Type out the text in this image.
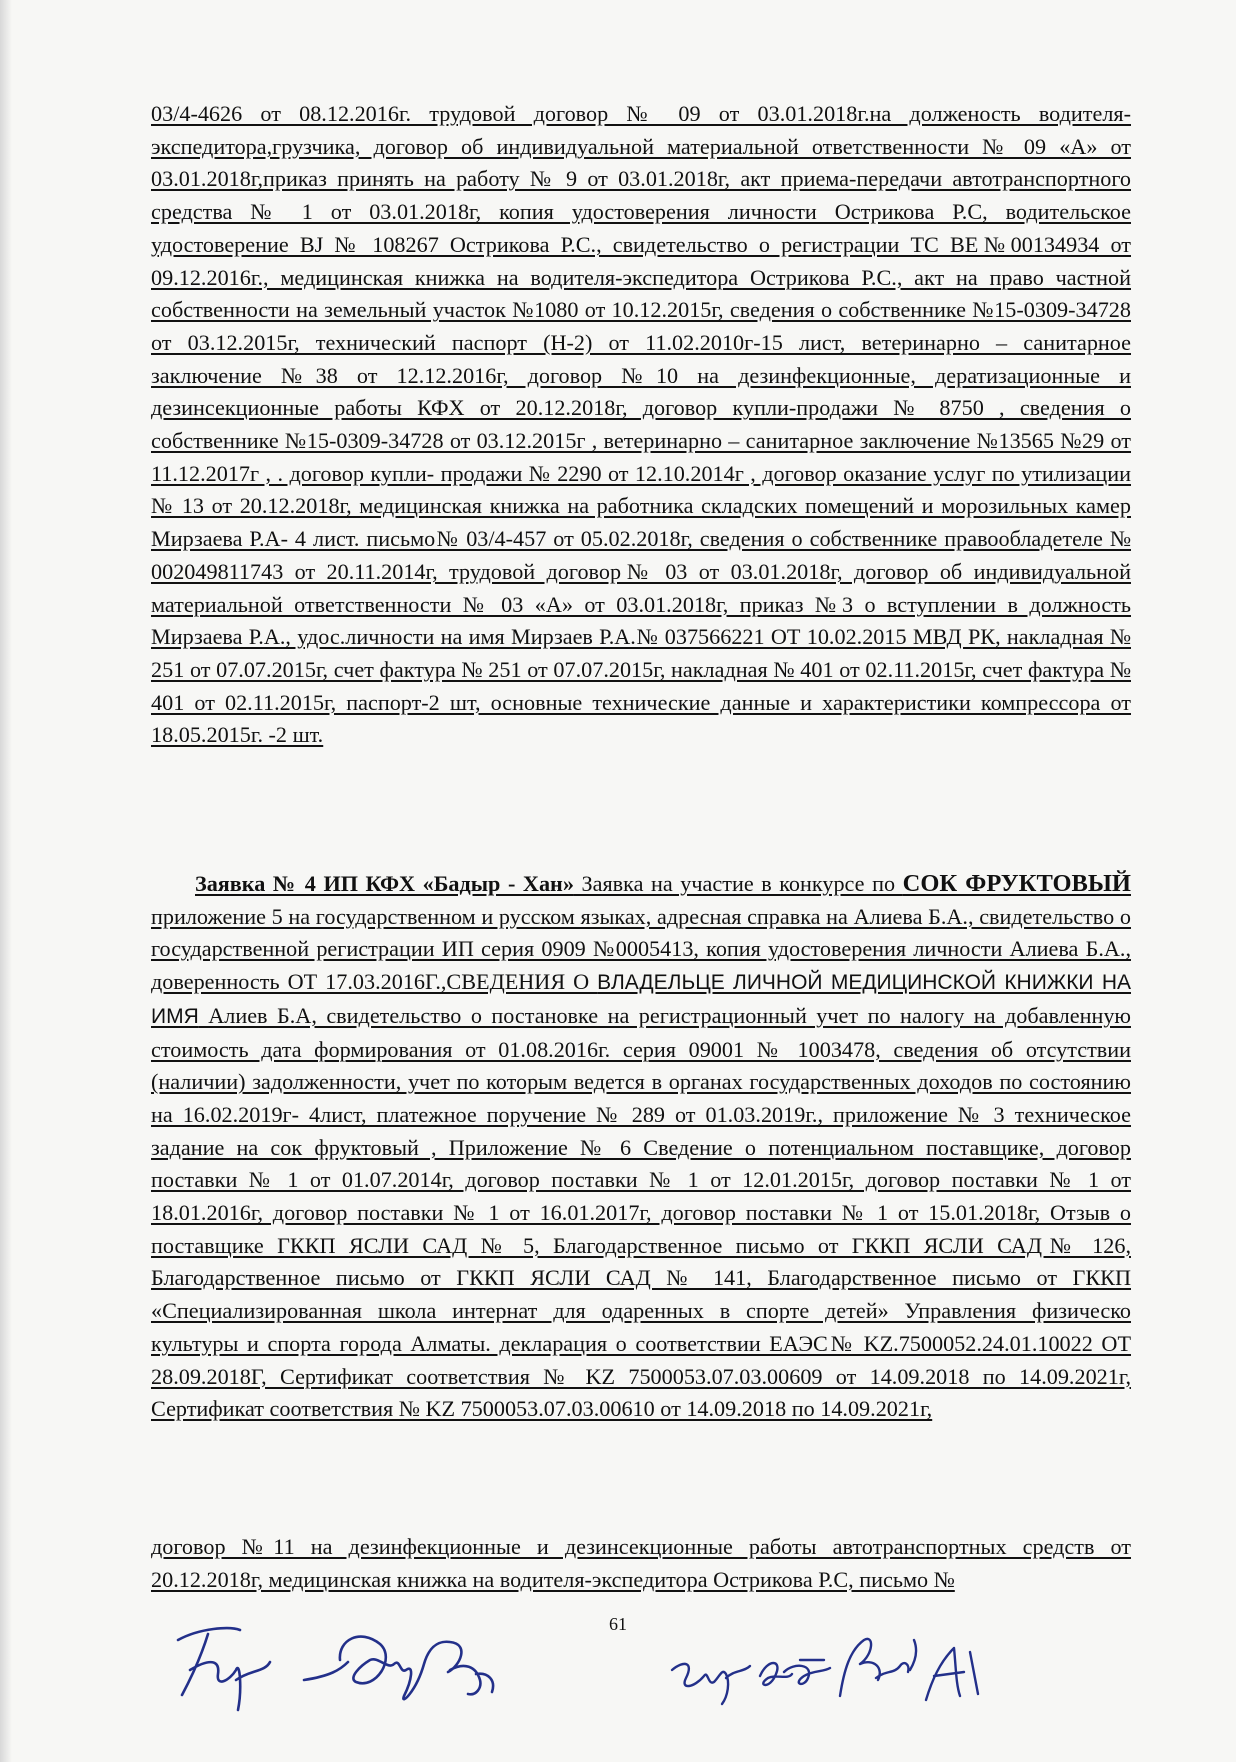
03/4-4626 от 08.12.2016г. трудовой договор № 09 от 03.01.2018г.на долженость водителя-экспедитора,грузчика, договор об индивидуальной материальной ответственности № 09 «А» от 03.01.2018г,приказ принять на работу № 9 от 03.01.2018г, акт приема-передачи автотранспортного средства № 1 от 03.01.2018г, копия удостоверения личности Острикова Р.С, водительское удостоверение BJ № 108267 Острикова Р.С., свидетельство о регистрации ТС ВЕ№00134934 от 09.12.2016г., медицинская книжка на водителя-экспедитора Острикова Р.С., акт на право частной собственности на земельный участок №1080 от 10.12.2015г, сведения о собственнике №15-0309-34728 от 03.12.2015г, технический паспорт (Н-2) от 11.02.2010г-15 лист, ветеринарно – санитарное заключение №38 от 12.12.2016г, договор №10 на дезинфекционные, дератизационные и дезинсекционные работы КФХ от 20.12.2018г, договор купли-продажи № 8750 , сведения о собственнике №15-0309-34728 от 03.12.2015г , ветеринарно – санитарное заключение №13565 №29 от 11.12.2017г , . договор купли- продажи № 2290 от 12.10.2014г , договор оказание услуг по утилизации № 13 от 20.12.2018г, медицинская книжка на работника складских помещений и морозильных камер Мирзаева Р.А- 4 лист. письмо№ 03/4-457 от 05.02.2018г, сведения о собственнике правообладетеле № 002049811743 от 20.11.2014г, трудовой договор№ 03 от 03.01.2018г, договор об индивидуальной материальной ответственности № 03 «А» от 03.01.2018г, приказ №3 о вступлении в должность Мирзаева Р.А., удос.личности на имя Мирзаев Р.А.№ 037566221 ОТ 10.02.2015 МВД РК, накладная № 251 от 07.07.2015г, счет фактура № 251 от 07.07.2015г, накладная № 401 от 02.11.2015г, счет фактура № 401 от 02.11.2015г, паспорт-2 шт, основные технические данные и характеристики компрессора от 18.05.2015г. -2 шт.
Заявка № 4 ИП КФХ «Бадыр - Хан» Заявка на участие в конкурсе по СОК ФРУКТОВЫЙ приложение 5 на государственном и русском языках, адресная справка на Алиева Б.А., свидетельство о государственной регистрации ИП серия 0909 №0005413, копия удостоверения личности Алиева Б.А., доверенность ОТ 17.03.2016Г.,СВЕДЕНИЯ О ВЛАДЕЛЬЦЕ ЛИЧНОЙ МЕДИЦИНСКОЙ КНИЖКИ НА ИМЯ Алиев Б.А, свидетельство о постановке на регистрационный учет по налогу на добавленную стоимость дата формирования от 01.08.2016г. серия 09001 № 1003478, сведения об отсутствии (наличии) задолженности, учет по которым ведется в органах государственных доходов по состоянию на 16.02.2019г- 4лист, платежное поручение № 289 от 01.03.2019г., приложение № 3 техническое задание на сок фруктовый , Приложение № 6 Сведение о потенциальном поставщике, договор поставки № 1 от 01.07.2014г, договор поставки № 1 от 12.01.2015г, договор поставки № 1 от 18.01.2016г, договор поставки № 1 от 16.01.2017г, договор поставки № 1 от 15.01.2018г, Отзыв о поставщике ГККП ЯСЛИ САД № 5, Благодарственное письмо от ГККП ЯСЛИ САД№ 126, Благодарственное письмо от ГККП ЯСЛИ САД № 141, Благодарственное письмо от ГККП «Специализированная школа интернат для одаренных в спорте детей» Управления физическо культуры и спорта города Алматы. декларация о соответствии ЕАЭС№ KZ.7500052.24.01.10022 ОТ 28.09.2018Г, Сертификат соответствия № KZ 7500053.07.03.00609 от 14.09.2018 по 14.09.2021г, Сертификат соответствия № KZ 7500053.07.03.00610 от 14.09.2018 по 14.09.2021г,
договор №11 на дезинфекционные и дезинсекционные работы автотранспортных средств от 20.12.2018г, медицинская книжка на водителя-экспедитора Острикова Р.С, письмо №
61
